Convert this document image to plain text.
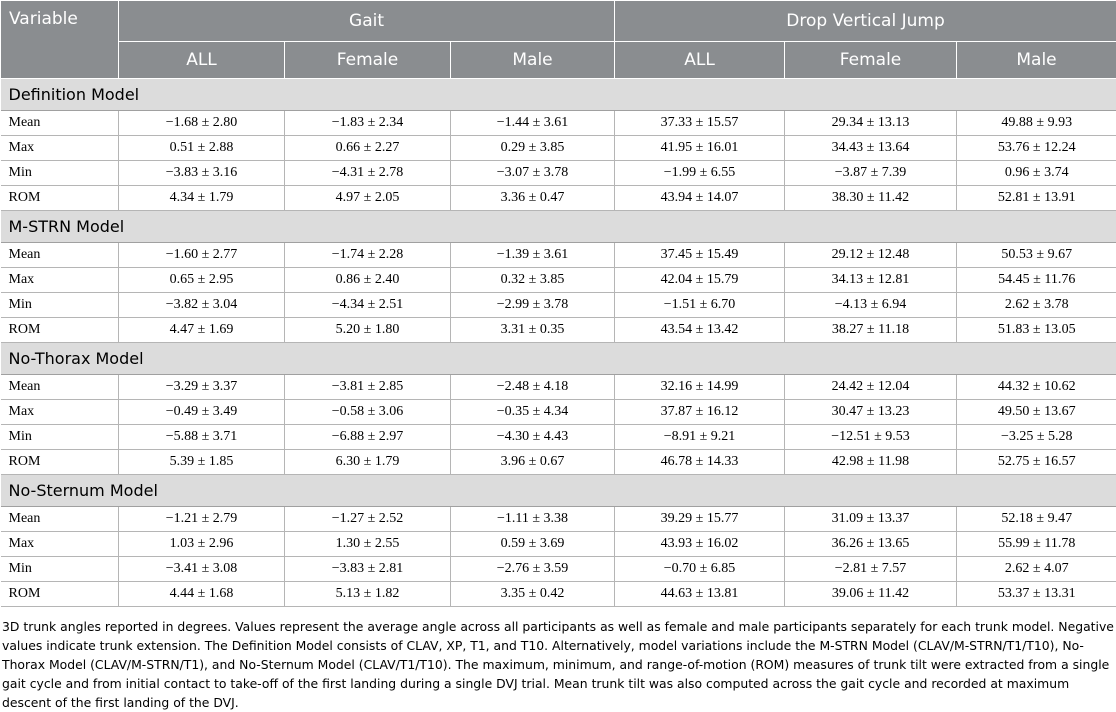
Variable	Gait			Drop Vertical Jump		
	ALL	Female	Male	ALL	Female	Male
Definition Model						
Mean	−1.68 ± 2.80	−1.83 ± 2.34	−1.44 ± 3.61	37.33 ± 15.57	29.34 ± 13.13	49.88 ± 9.93
Max	0.51 ± 2.88	0.66 ± 2.27	0.29 ± 3.85	41.95 ± 16.01	34.43 ± 13.64	53.76 ± 12.24
Min	−3.83 ± 3.16	−4.31 ± 2.78	−3.07 ± 3.78	−1.99 ± 6.55	−3.87 ± 7.39	0.96 ± 3.74
ROM	4.34 ± 1.79	4.97 ± 2.05	3.36 ± 0.47	43.94 ± 14.07	38.30 ± 11.42	52.81 ± 13.91
M-STRN Model						
Mean	−1.60 ± 2.77	−1.74 ± 2.28	−1.39 ± 3.61	37.45 ± 15.49	29.12 ± 12.48	50.53 ± 9.67
Max	0.65 ± 2.95	0.86 ± 2.40	0.32 ± 3.85	42.04 ± 15.79	34.13 ± 12.81	54.45 ± 11.76
Min	−3.82 ± 3.04	−4.34 ± 2.51	−2.99 ± 3.78	−1.51 ± 6.70	−4.13 ± 6.94	2.62 ± 3.78
ROM	4.47 ± 1.69	5.20 ± 1.80	3.31 ± 0.35	43.54 ± 13.42	38.27 ± 11.18	51.83 ± 13.05
No-Thorax Model						
Mean	−3.29 ± 3.37	−3.81 ± 2.85	−2.48 ± 4.18	32.16 ± 14.99	24.42 ± 12.04	44.32 ± 10.62
Max	−0.49 ± 3.49	−0.58 ± 3.06	−0.35 ± 4.34	37.87 ± 16.12	30.47 ± 13.23	49.50 ± 13.67
Min	−5.88 ± 3.71	−6.88 ± 2.97	−4.30 ± 4.43	−8.91 ± 9.21	−12.51 ± 9.53	−3.25 ± 5.28
ROM	5.39 ± 1.85	6.30 ± 1.79	3.96 ± 0.67	46.78 ± 14.33	42.98 ± 11.98	52.75 ± 16.57
No-Sternum Model						
Mean	−1.21 ± 2.79	−1.27 ± 2.52	−1.11 ± 3.38	39.29 ± 15.77	31.09 ± 13.37	52.18 ± 9.47
Max	1.03 ± 2.96	1.30 ± 2.55	0.59 ± 3.69	43.93 ± 16.02	36.26 ± 13.65	55.99 ± 11.78
Min	−3.41 ± 3.08	−3.83 ± 2.81	−2.76 ± 3.59	−0.70 ± 6.85	−2.81 ± 7.57	2.62 ± 4.07
ROM	4.44 ± 1.68	5.13 ± 1.82	3.35 ± 0.42	44.63 ± 13.81	39.06 ± 11.42	53.37 ± 13.31
3D trunk angles reported in degrees. Values represent the average angle across all participants as well as female and male participants separately for each trunk model. Negative values indicate trunk extension. The Definition Model consists of CLAV, XP, T1, and T10. Alternatively, model variations include the M-STRN Model (CLAV/M-STRN/T1/T10), No-Thorax Model (CLAV/M-STRN/T1), and No-Sternum Model (CLAV/T1/T10). The maximum, minimum, and range-of-motion (ROM) measures of trunk tilt were extracted from a single gait cycle and from initial contact to take-off of the first landing during a single DVJ trial. Mean trunk tilt was also computed across the gait cycle and recorded at maximum descent of the first landing of the DVJ.
